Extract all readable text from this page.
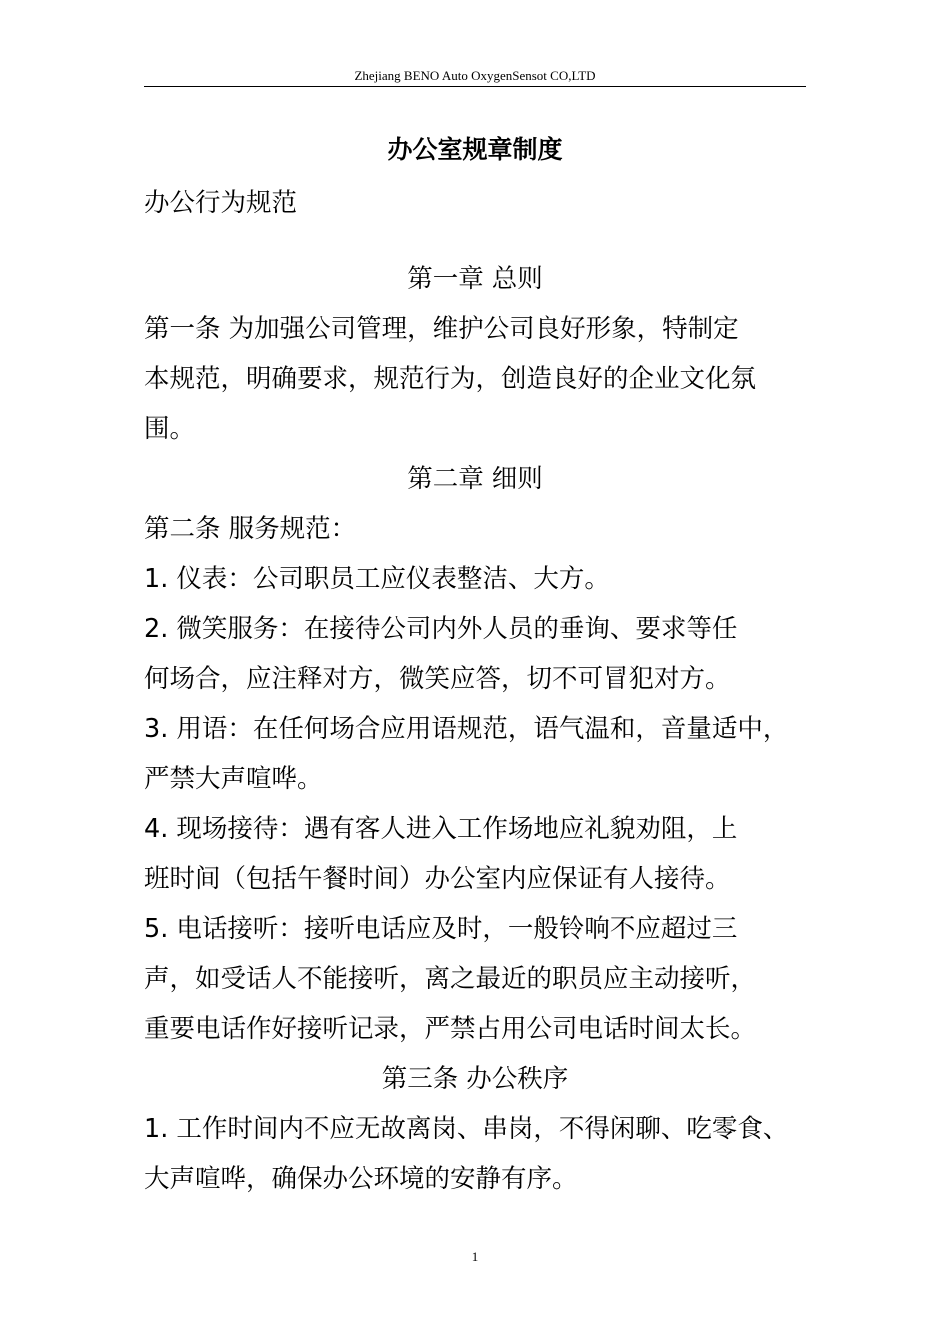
Zhejiang BENO Auto OxygenSensot CO,LTD
办公室规章制度
办公行为规范
第一章 总则
第一条 为加强公司管理，维护公司良好形象，特制定
本规范，明确要求，规范行为，创造良好的企业文化氛
围。
第二章 细则
第二条 服务规范：
1. 仪表：公司职员工应仪表整洁、大方。
2. 微笑服务：在接待公司内外人员的垂询、要求等任
何场合，应注释对方，微笑应答，切不可冒犯对方。
3. 用语：在任何场合应用语规范，语气温和，音量适中，
严禁大声喧哗。
4. 现场接待：遇有客人进入工作场地应礼貌劝阻，上
班时间（包括午餐时间）办公室内应保证有人接待。
5. 电话接听：接听电话应及时，一般铃响不应超过三
声，如受话人不能接听，离之最近的职员应主动接听，
重要电话作好接听记录，严禁占用公司电话时间太长。
第三条 办公秩序
1. 工作时间内不应无故离岗、串岗，不得闲聊、吃零食、
大声喧哗，确保办公环境的安静有序。
1
